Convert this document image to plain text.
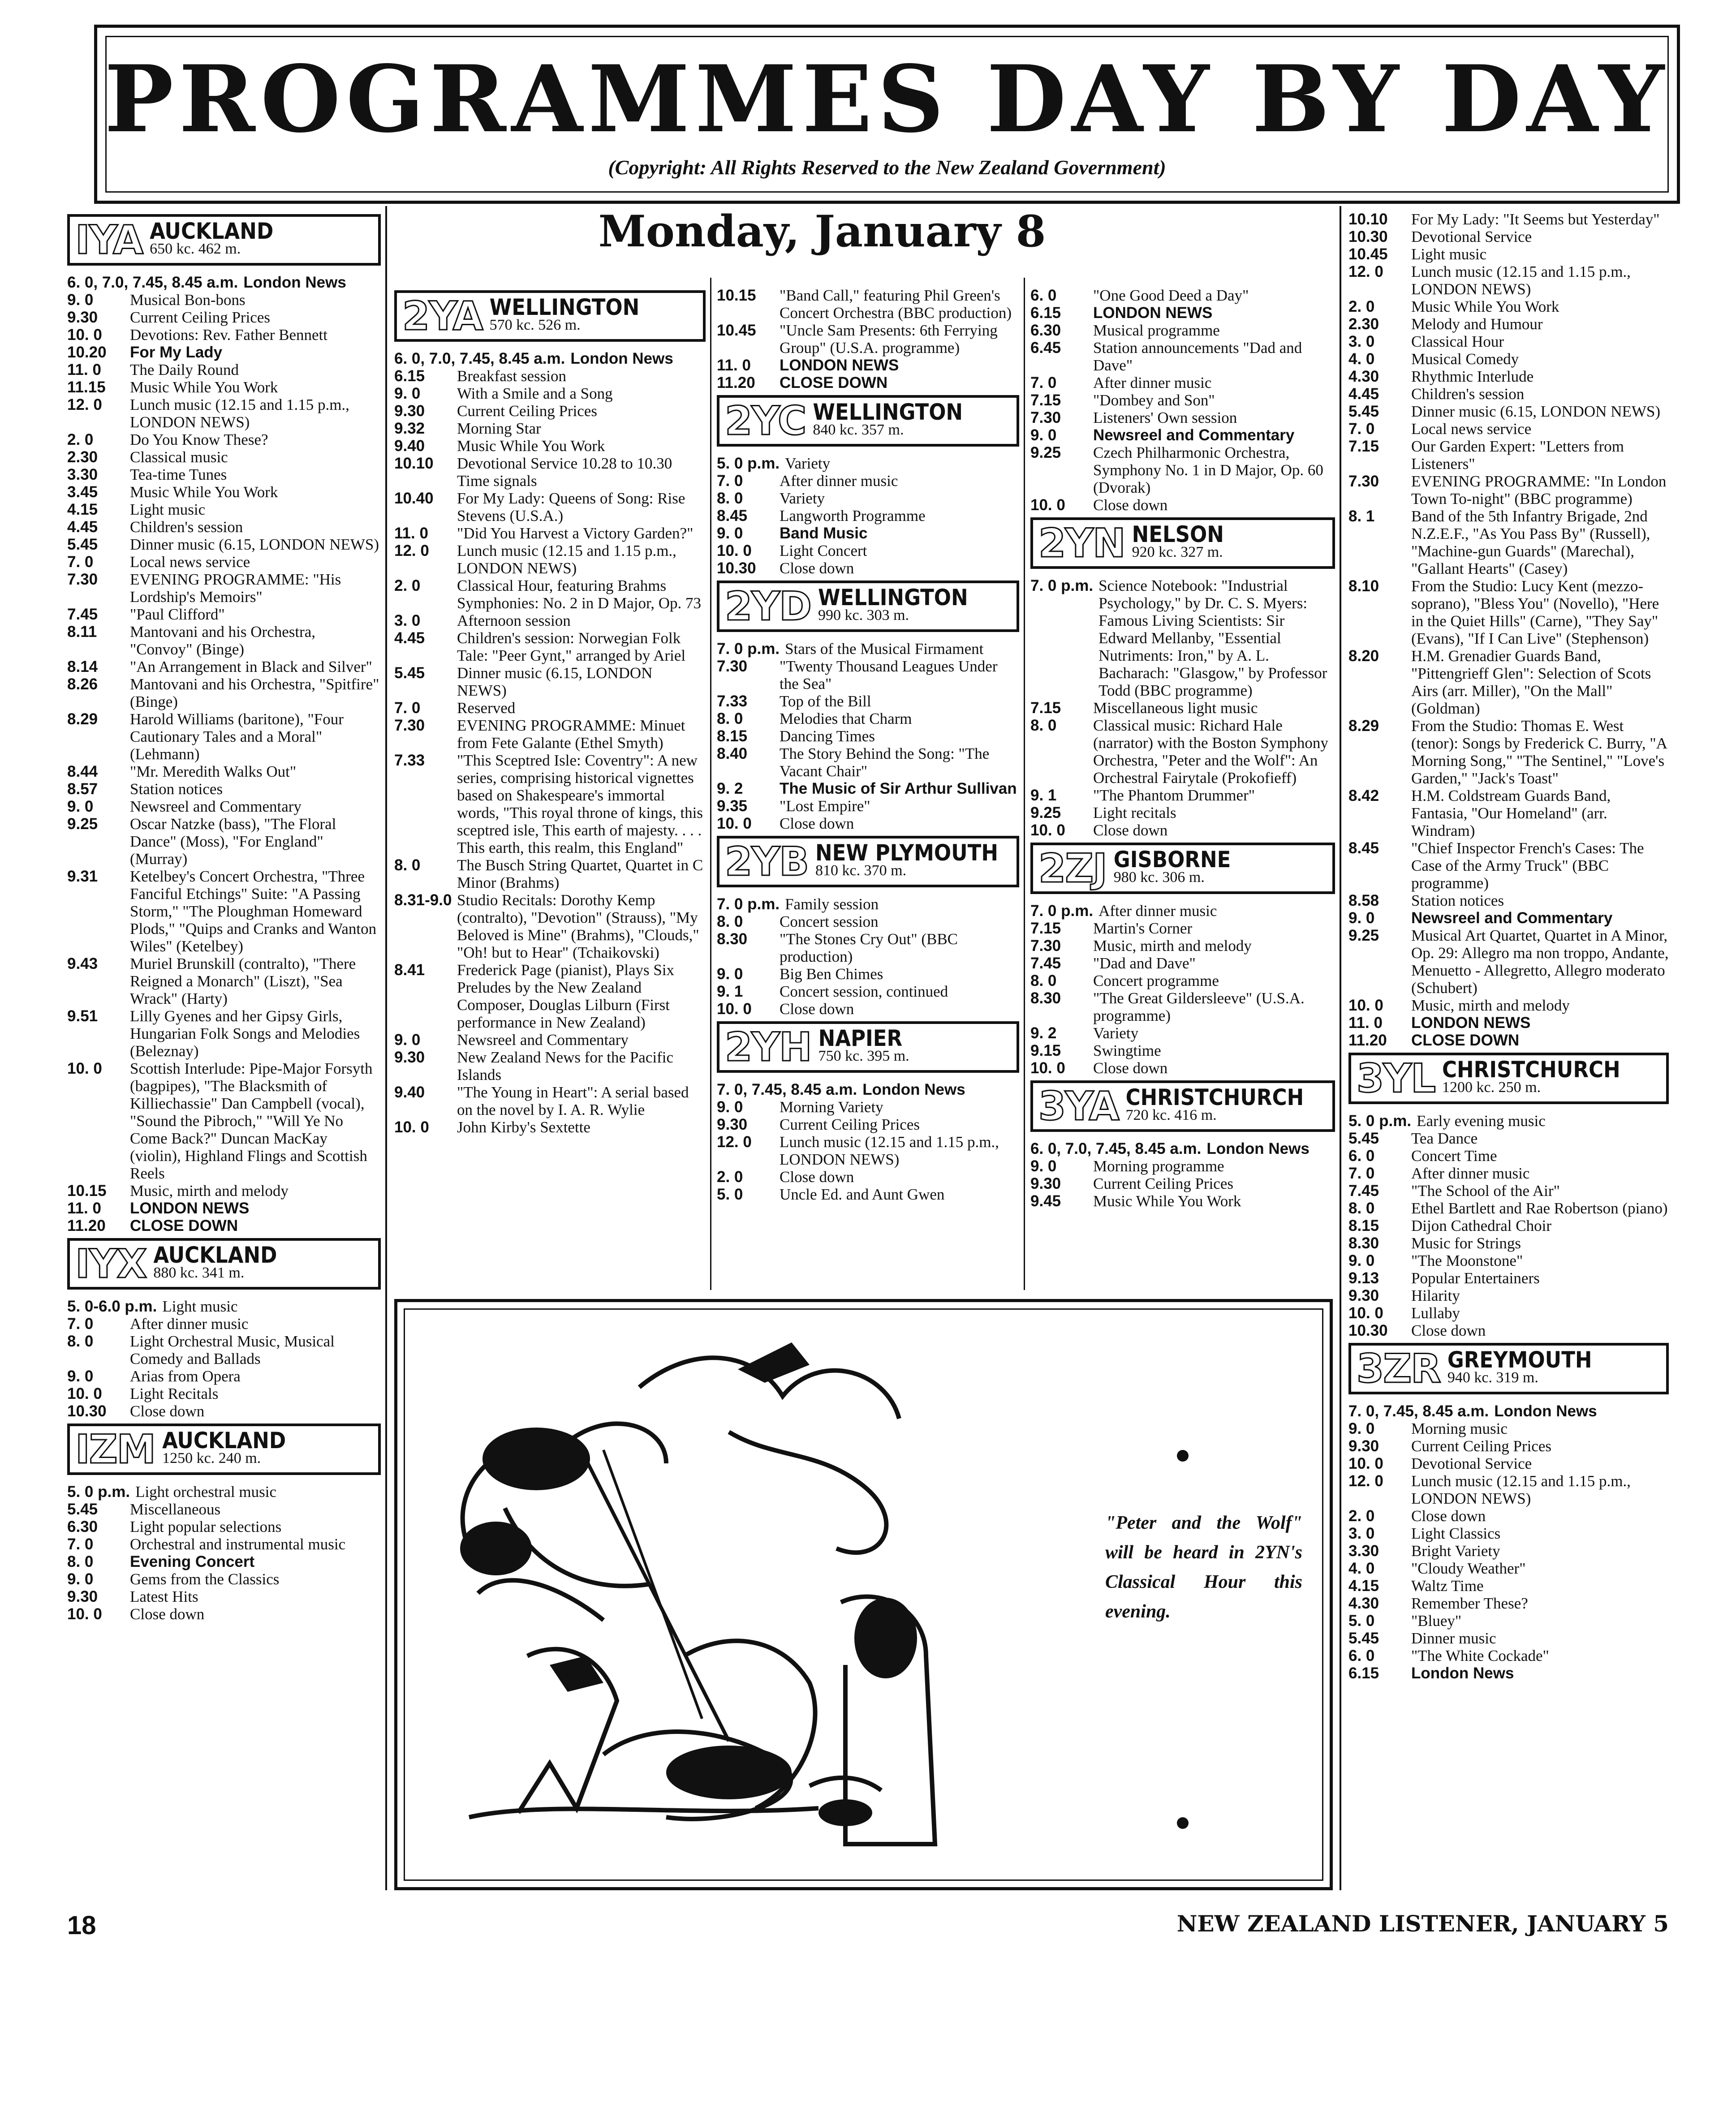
PROGRAMMES DAY BY DAY
(Copyright: All Rights Reserved to the New Zealand Government)
Monday, January 8
IYA AUCKLAND
650 kc. 462 m.
6. 0, 7.0, 7.45, 8.45 a.m. London News
9. 0	Musical Bon-bons
9.30	Current Ceiling Prices
10. 0	Devotions: Rev. Father Bennett
10.20	For My Lady
11. 0	The Daily Round
11.15	Music While You Work
12. 0	Lunch music (12.15 and 1.15 p.m., LONDON NEWS)
2. 0	Do You Know These?
2.30	Classical music
3.30	Tea-time Tunes
3.45	Music While You Work
4.15	Light music
4.45	Children's session
5.45	Dinner music (6.15, LONDON NEWS)
7. 0	Local news service
7.30	EVENING PROGRAMME: "His Lordship's Memoirs"
7.45	"Paul Clifford"
8.11	Mantovani and his Orchestra, "Convoy" (Binge)
8.14	"An Arrangement in Black and Silver"
8.26	Mantovani and his Orchestra, "Spitfire" (Binge)
8.29	Harold Williams (baritone), "Four Cautionary Tales and a Moral" (Lehmann)
8.44	"Mr. Meredith Walks Out"
8.57	Station notices
9. 0	Newsreel and Commentary
9.25	Oscar Natzke (bass), "The Floral Dance" (Moss), "For England" (Murray)
9.31	Ketelbey's Concert Orchestra, "Three Fanciful Etchings" Suite: "A Passing Storm," "The Ploughman Homeward Plods," "Quips and Cranks and Wanton Wiles" (Ketelbey)
9.43	Muriel Brunskill (contralto), "There Reigned a Monarch" (Liszt), "Sea Wrack" (Harty)
9.51	Lilly Gyenes and her Gipsy Girls, Hungarian Folk Songs and Melodies (Beleznay)
10. 0	Scottish Interlude: Pipe-Major Forsyth (bagpipes), "The Blacksmith of Killiechassie" Dan Campbell (vocal), "Sound the Pibroch," "Will Ye No Come Back?" Duncan MacKay (violin), Highland Flings and Scottish Reels
10.15	Music, mirth and melody
11. 0	LONDON NEWS
11.20	CLOSE DOWN
IYX AUCKLAND
880 kc. 341 m.
5. 0-6.0 p.m. Light music
7. 0	After dinner music
8. 0	Light Orchestral Music, Musical Comedy and Ballads
9. 0	Arias from Opera
10. 0	Light Recitals
10.30	Close down
IZM AUCKLAND
1250 kc. 240 m.
5. 0 p.m. Light orchestral music
5.45	Miscellaneous
6.30	Light popular selections
7. 0	Orchestral and instrumental music
8. 0	Evening Concert
9. 0	Gems from the Classics
9.30	Latest Hits
10. 0	Close down
2YA WELLINGTON
570 kc. 526 m.
6. 0, 7.0, 7.45, 8.45 a.m. London News
6.15	Breakfast session
9. 0	With a Smile and a Song
9.30	Current Ceiling Prices
9.32	Morning Star
9.40	Music While You Work
10.10	Devotional Service 10.28 to 10.30 Time signals
10.40	For My Lady: Queens of Song: Rise Stevens (U.S.A.)
11. 0	"Did You Harvest a Victory Garden?"
12. 0	Lunch music (12.15 and 1.15 p.m., LONDON NEWS)
2. 0	Classical Hour, featuring Brahms Symphonies: No. 2 in D Major, Op. 73
3. 0	Afternoon session
4.45	Children's session: Norwegian Folk Tale: "Peer Gynt," arranged by Ariel
5.45	Dinner music (6.15, LONDON NEWS)
7. 0	Reserved
7.30	EVENING PROGRAMME: Minuet from Fete Galante (Ethel Smyth)
7.33	"This Sceptred Isle: Coventry": A new series, comprising historical vignettes based on Shakespeare's immortal words, "This royal throne of kings, this sceptred isle, This earth of majesty. . . . This earth, this realm, this England"
8. 0	The Busch String Quartet, Quartet in C Minor (Brahms)
8.31-9.0 Studio Recitals: Dorothy Kemp (contralto), "Devotion" (Strauss), "My Beloved is Mine" (Brahms), "Clouds," "Oh! but to Hear" (Tchaikovski)
8.41	Frederick Page (pianist), Plays Six Preludes by the New Zealand Composer, Douglas Lilburn (First performance in New Zealand)
9. 0	Newsreel and Commentary
9.30	New Zealand News for the Pacific Islands
9.40	"The Young in Heart": A serial based on the novel by I. A. R. Wylie
10. 0	John Kirby's Sextette
10.15	"Band Call," featuring Phil Green's Concert Orchestra (BBC production)
10.45	"Uncle Sam Presents: 6th Ferrying Group" (U.S.A. programme)
11. 0	LONDON NEWS
11.20	CLOSE DOWN
2YC WELLINGTON
840 kc. 357 m.
5. 0 p.m. Variety
7. 0	After dinner music
8. 0	Variety
8.45	Langworth Programme
9. 0	Band Music
10. 0	Light Concert
10.30	Close down
2YD WELLINGTON
990 kc. 303 m.
7. 0 p.m. Stars of the Musical Firmament
7.30	"Twenty Thousand Leagues Under the Sea"
7.33	Top of the Bill
8. 0	Melodies that Charm
8.15	Dancing Times
8.40	The Story Behind the Song: "The Vacant Chair"
9. 2	The Music of Sir Arthur Sullivan
9.35	"Lost Empire"
10. 0	Close down
2YB NEW PLYMOUTH
810 kc. 370 m.
7. 0 p.m. Family session
8. 0	Concert session
8.30	"The Stones Cry Out" (BBC production)
9. 0	Big Ben Chimes
9. 1	Concert session, continued
10. 0	Close down
2YH NAPIER
750 kc. 395 m.
7. 0, 7.45, 8.45 a.m. London News
9. 0	Morning Variety
9.30	Current Ceiling Prices
12. 0	Lunch music (12.15 and 1.15 p.m., LONDON NEWS)
2. 0	Close down
5. 0	Uncle Ed. and Aunt Gwen
6. 0	"One Good Deed a Day"
6.15	LONDON NEWS
6.30	Musical programme
6.45	Station announcements "Dad and Dave"
7. 0	After dinner music
7.15	"Dombey and Son"
7.30	Listeners' Own session
9. 0	Newsreel and Commentary
9.25	Czech Philharmonic Orchestra, Symphony No. 1 in D Major, Op. 60 (Dvorak)
10. 0	Close down
2YN NELSON
920 kc. 327 m.
7. 0 p.m. Science Notebook: "Industrial Psychology," by Dr. C. S. Myers: Famous Living Scientists: Sir Edward Mellanby, "Essential Nutriments: Iron," by A. L. Bacharach: "Glasgow," by Professor Todd (BBC programme)
7.15	Miscellaneous light music
8. 0	Classical music: Richard Hale (narrator) with the Boston Symphony Orchestra, "Peter and the Wolf": An Orchestral Fairytale (Prokofieff)
9. 1	"The Phantom Drummer"
9.25	Light recitals
10. 0	Close down
2ZJ GISBORNE
980 kc. 306 m.
7. 0 p.m. After dinner music
7.15	Martin's Corner
7.30	Music, mirth and melody
7.45	"Dad and Dave"
8. 0	Concert programme
8.30	"The Great Gildersleeve" (U.S.A. programme)
9. 2	Variety
9.15	Swingtime
10. 0	Close down
3YA CHRISTCHURCH
720 kc. 416 m.
6. 0, 7.0, 7.45, 8.45 a.m. London News
9. 0	Morning programme
9.30	Current Ceiling Prices
9.45	Music While You Work
10.10	For My Lady: "It Seems but Yesterday"
10.30	Devotional Service
10.45	Light music
12. 0	Lunch music (12.15 and 1.15 p.m., LONDON NEWS)
2. 0	Music While You Work
2.30	Melody and Humour
3. 0	Classical Hour
4. 0	Musical Comedy
4.30	Rhythmic Interlude
4.45	Children's session
5.45	Dinner music (6.15, LONDON NEWS)
7. 0	Local news service
7.15	Our Garden Expert: "Letters from Listeners"
7.30	EVENING PROGRAMME: "In London Town To-night" (BBC programme)
8. 1	Band of the 5th Infantry Brigade, 2nd N.Z.E.F., "As You Pass By" (Russell), "Machine-gun Guards" (Marechal), "Gallant Hearts" (Casey)
8.10	From the Studio: Lucy Kent (mezzo-soprano), "Bless You" (Novello), "Here in the Quiet Hills" (Carne), "They Say" (Evans), "If I Can Live" (Stephenson)
8.20	H.M. Grenadier Guards Band, "Pittengrieff Glen": Selection of Scots Airs (arr. Miller), "On the Mall" (Goldman)
8.29	From the Studio: Thomas E. West (tenor): Songs by Frederick C. Burry, "A Morning Song," "The Sentinel," "Love's Garden," "Jack's Toast"
8.42	H.M. Coldstream Guards Band, Fantasia, "Our Homeland" (arr. Windram)
8.45	"Chief Inspector French's Cases: The Case of the Army Truck" (BBC programme)
8.58	Station notices
9. 0	Newsreel and Commentary
9.25	Musical Art Quartet, Quartet in A Minor, Op. 29: Allegro ma non troppo, Andante, Menuetto - Allegretto, Allegro moderato (Schubert)
10. 0	Music, mirth and melody
11. 0	LONDON NEWS
11.20	CLOSE DOWN
3YL CHRISTCHURCH
1200 kc. 250 m.
5. 0 p.m. Early evening music
5.45	Tea Dance
6. 0	Concert Time
7. 0	After dinner music
7.45	"The School of the Air"
8. 0	Ethel Bartlett and Rae Robertson (piano)
8.15	Dijon Cathedral Choir
8.30	Music for Strings
9. 0	"The Moonstone"
9.13	Popular Entertainers
9.30	Hilarity
10. 0	Lullaby
10.30	Close down
3ZR GREYMOUTH
940 kc. 319 m.
7. 0, 7.45, 8.45 a.m. London News
9. 0	Morning music
9.30	Current Ceiling Prices
10. 0	Devotional Service
12. 0	Lunch music (12.15 and 1.15 p.m., LONDON NEWS)
2. 0	Close down
3. 0	Light Classics
3.30	Bright Variety
4. 0	"Cloudy Weather"
4.15	Waltz Time
4.30	Remember These?
5. 0	"Bluey"
5.45	Dinner music
6. 0	"The White Cockade"
6.15	London News
"Peter and the Wolf" will be heard in 2YN's Classical Hour this evening.
18	NEW ZEALAND LISTENER, JANUARY 5
